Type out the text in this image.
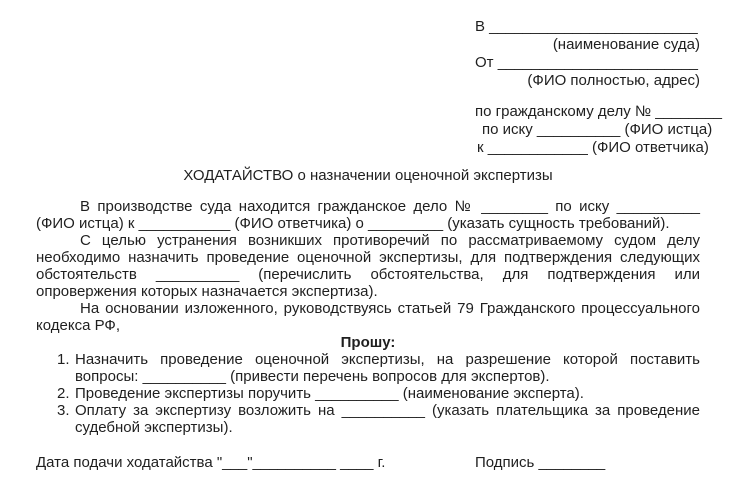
В _________________________
(наименование суда)
От ________________________
(ФИО полностью, адрес)
по гражданскому делу № ________
по иску __________ (ФИО истца)
к ____________ (ФИО ответчика)
ХОДАТАЙСТВО о назначении оценочной экспертизы

В производстве суда находится гражданское дело № ________ по иску __________ (ФИО истца) к ___________ (ФИО ответчика) о _________ (указать сущность требований).

С целью устранения возникших противоречий по рассматриваемому судом делу необходимо назначить проведение оценочной экспертизы, для подтверждения следующих обстоятельств __________ (перечислить обстоятельства, для подтверждения или опровержения которых назначается экспертиза).

На основании изложенного, руководствуясь статьей 79 Гражданского процессуального кодекса РФ,

Прошу:
1. Назначить проведение оценочной экспертизы, на разрешение которой поставить вопросы: __________ (привести перечень вопросов для экспертов).
2. Проведение экспертизы поручить __________ (наименование эксперта).
3. Оплату за экспертизу возложить на __________ (указать плательщика за проведение судебной экспертизы).
Дата подачи ходатайства "___"__________ ____ г.	Подпись ________
